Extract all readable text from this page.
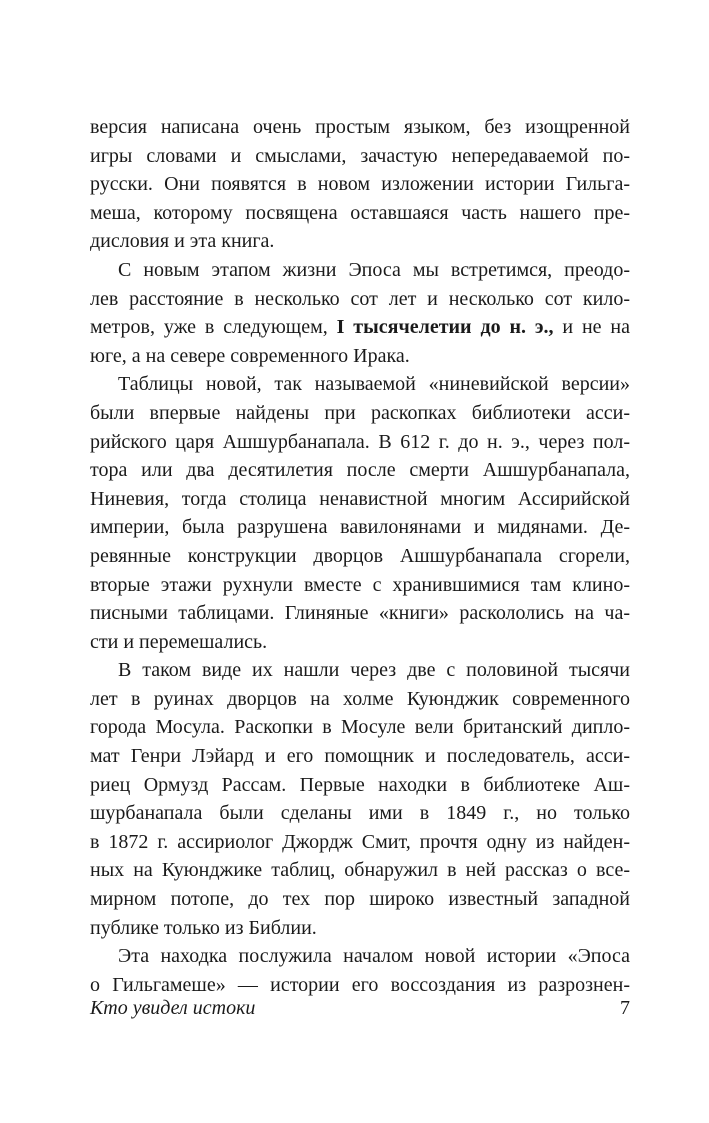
версия написана очень простым языком, без изощренной
игры словами и смыслами, зачастую непередаваемой по-
русски. Они появятся в новом изложении истории Гильга-
меша, которому посвящена оставшаяся часть нашего пре-
дисловия и эта книга.

С новым этапом жизни Эпоса мы встретимся, преодо-
лев расстояние в несколько сот лет и несколько сот кило-
метров, уже в следующем, I тысячелетии до н. э., и не на
юге, а на севере современного Ирака.

Таблицы новой, так называемой «ниневийской версии»
были впервые найдены при раскопках библиотеки асси-
рийского царя Ашшурбанапала. В 612 г. до н. э., через пол-
тора или два десятилетия после смерти Ашшурбанапала,
Ниневия, тогда столица ненавистной многим Ассирийской
империи, была разрушена вавилонянами и мидянами. Де-
ревянные конструкции дворцов Ашшурбанапала сгорели,
вторые этажи рухнули вместе с хранившимися там клино-
писными таблицами. Глиняные «книги» раскололись на ча-
сти и перемешались.

В таком виде их нашли через две с половиной тысячи
лет в руинах дворцов на холме Куюнджик современного
города Мосула. Раскопки в Мосуле вели британский дипло-
мат Генри Лэйард и его помощник и последователь, асси-
риец Ормузд Рассам. Первые находки в библиотеке Аш-
шурбанапала были сделаны ими в 1849 г., но только
в 1872 г. ассириолог Джордж Смит, прочтя одну из найден-
ных на Куюнджике таблиц, обнаружил в ней рассказ о все-
мирном потопе, до тех пор широко известный западной
публике только из Библии.

Эта находка послужила началом новой истории «Эпоса
о Гильгамеше» — истории его воссоздания из разрознен-

Кто увидел истоки	7
